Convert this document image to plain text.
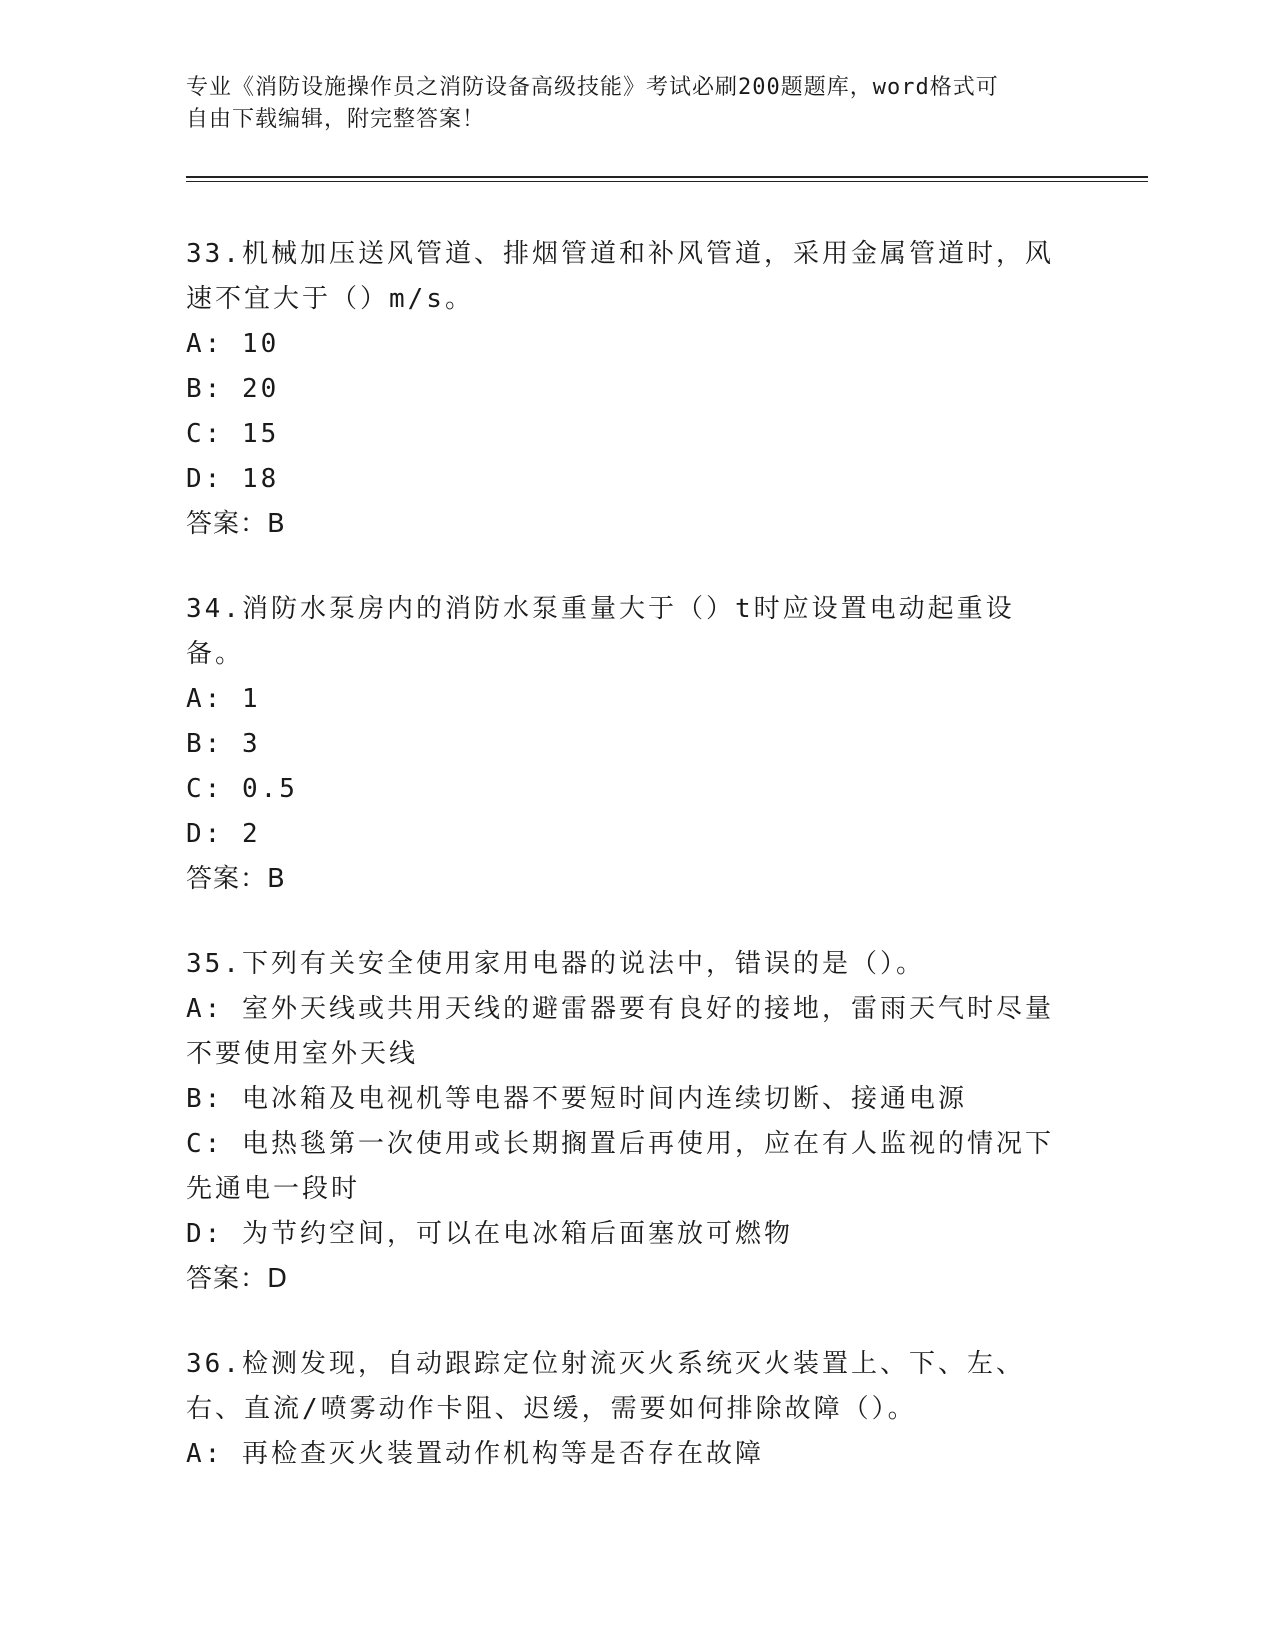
专业《消防设施操作员之消防设备高级技能》考试必刷200题题库，word格式可
自由下载编辑，附完整答案！
33.机械加压送风管道、排烟管道和补风管道，采用金属管道时，风速不宜大于（）m/s。
A: 10
B: 20
C: 15
D: 18
答案：B
34.消防水泵房内的消防水泵重量大于（）t时应设置电动起重设备。
A: 1
B: 3
C: 0.5
D: 2
答案：B
35.下列有关安全使用家用电器的说法中，错误的是（）。
A: 室外天线或共用天线的避雷器要有良好的接地，雷雨天气时尽量不要使用室外天线
B: 电冰箱及电视机等电器不要短时间内连续切断、接通电源
C: 电热毯第一次使用或长期搁置后再使用，应在有人监视的情况下先通电一段时
D: 为节约空间，可以在电冰箱后面塞放可燃物
答案：D
36.检测发现，自动跟踪定位射流灭火系统灭火装置上、下、左、右、直流/喷雾动作卡阻、迟缓，需要如何排除故障（）。
A: 再检查灭火装置动作机构等是否存在故障
